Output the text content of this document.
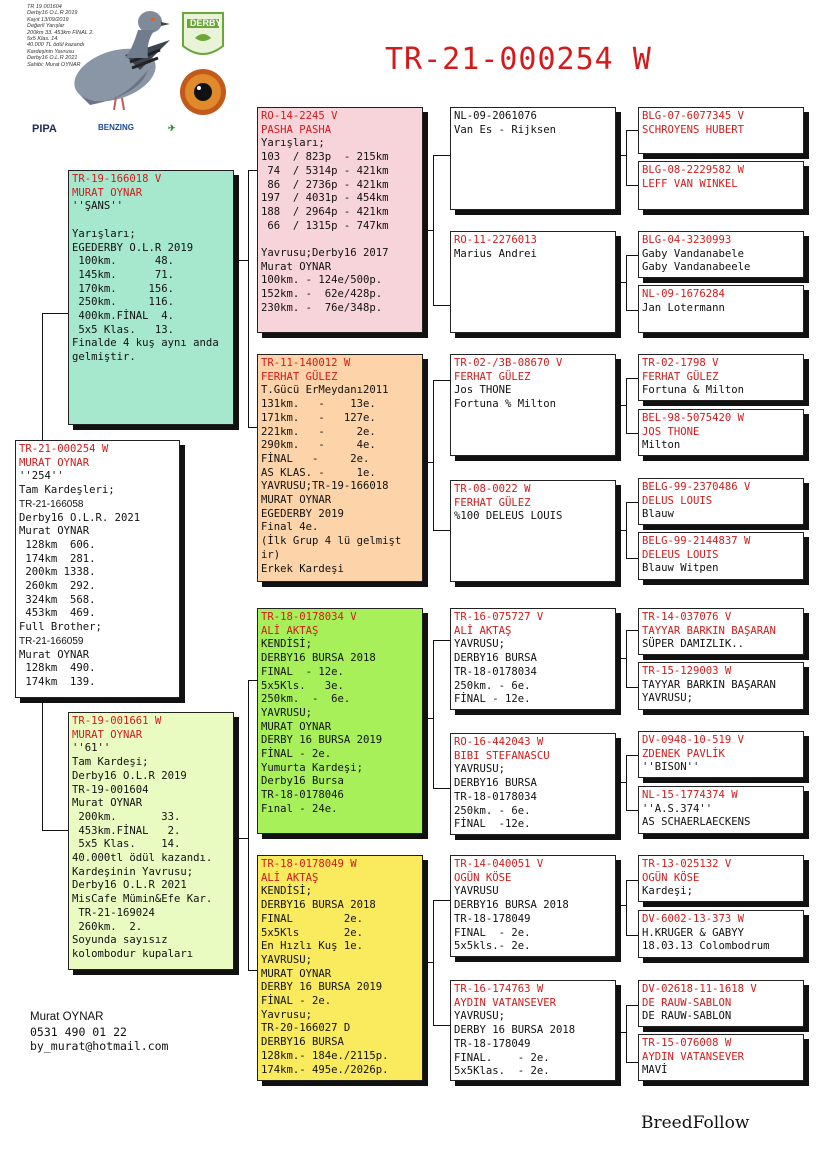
TR 19 001604
Derby16 O.L.R 2019
Kayıt 13/09/2019
Değerli Yarışlar
200km 33. 453km FİNAL 2.
5x5 Klas. 14.
40.000 TL ödül kazandı
Kardeşinin Yavrusu
Derby16 O.L.R 2021
Sahibi: Murat OYNAR
DERBY
PIPA	BENZING	✈
TR-21-000254 W
TR-21-000254 W
MURAT OYNAR
''254''
Tam Kardeşleri;
TR-21-166058
Derby16 O.L.R. 2021
Murat OYNAR
128km  606.
174km  281.
200km 1338.
260km  292.
324km  568.
453km  469.
Full Brother;
TR-21-166059
Murat OYNAR
128km  490.
174km  139.
TR-19-166018 V
MURAT OYNAR
''ŞANS''

Yarışları;
EGEDERBY O.L.R 2019
100km.      48.
145km.      71.
170km.     156.
250km.     116.
400km.FİNAL  4.
5x5 Klas.   13.
Finalde 4 kuş aynı anda
gelmiştir.
TR-19-001661 W
MURAT OYNAR
''61''
Tam Kardeşi;
Derby16 O.L.R 2019
TR-19-001604
Murat OYNAR
200km.       33.
453km.FİNAL   2.
5x5 Klas.    14.
40.000tl ödül kazandı.
Kardeşinin Yavrusu;
Derby16 O.L.R 2021
MisCafe Mümin&Efe Kar.
TR-21-169024
260km.  2.
Soyunda sayısız
kolombodur kupaları
RO-14-2245 V
PASHA PASHA
Yarışları;
103  / 823p  - 215km
74  / 5314p - 421km
86  / 2736p - 421km
197  / 4031p - 454km
188  / 2964p - 421km
66  / 1315p - 747km

Yavrusu;Derby16 2017
Murat OYNAR
100km. - 124e/500p.
152km. -  62e/428p.
230km. -  76e/348p.
TR-11-140012 W
FERHAT GÜLEZ
T.Gücü ErMeydanı2011
131km.   -    13e.
171km.   -   127e.
221km.   -     2e.
290km.   -     4e.
FİNAL   -     2e.
AS KLAS. -     1e.
YAVRUSU;TR-19-166018
MURAT OYNAR
EGEDERBY 2019
Final 4e.
(İlk Grup 4 lü gelmişt
ir)
Erkek Kardeşi
TR-18-0178034 V
ALİ AKTAŞ
KENDİSİ;
DERBY16 BURSA 2018
FINAL  - 12e.
5x5Kls.   3e.
250km.  -  6e.
YAVRUSU;
MURAT OYNAR
DERBY 16 BURSA 2019
FİNAL - 2e.
Yumurta Kardeşi;
Derby16 Bursa
TR-18-0178046
Fınal - 24e.
TR-18-0178049 W
ALİ AKTAŞ
KENDİSİ;
DERBY16 BURSA 2018
FINAL        2e.
5x5Kls       2e.
En Hızlı Kuş 1e.
YAVRUSU;
MURAT OYNAR
DERBY 16 BURSA 2019
FİNAL - 2e.
Yavrusu;
TR-20-166027 D
DERBY16 BURSA
128km.- 184e./2115p.
174km.- 495e./2026p.
NL-09-2061076
Van Es - Rijksen
RO-11-2276013
Marius Andrei
TR-02-/3B-08670 V
FERHAT GÜLEZ
Jos THONE
Fortuna % Milton
TR-08-0022 W
FERHAT GÜLEZ
%100 DELEUS LOUIS
TR-16-075727 V
ALİ AKTAŞ
YAVRUSU;
DERBY16 BURSA
TR-18-0178034
250km. - 6e.
FİNAL - 12e.
RO-16-442043 W
BIBI STEFANASCU
YAVRUSU;
DERBY16 BURSA
TR-18-0178034
250km. - 6e.
FİNAL  -12e.
TR-14-040051 V
OGÜN KÖSE
YAVRUSU
DERBY16 BURSA 2018
TR-18-178049
FINAL  - 2e.
5x5kls.- 2e.
TR-16-174763 W
AYDIN VATANSEVER
YAVRUSU;
DERBY 16 BURSA 2018
TR-18-178049
FINAL.    - 2e.
5x5Klas.  - 2e.
BLG-07-6077345 V
SCHROYENS HUBERT
BLG-08-2229582 W
LEFF VAN WINKEL
BLG-04-3230993
Gaby Vandanabele
Gaby Vandanabeele
NL-09-1676284
Jan Lotermann
TR-02-1798 V
FERHAT GÜLEZ
Fortuna & Milton
BEL-98-5075420 W
JOS THONE
Milton
BELG-99-2370486 V
DELUS LOUIS
Blauw
BELG-99-2144837 W
DELEUS LOUIS
Blauw Witpen
TR-14-037076 V
TAYYAR BARKIN BAŞARAN
SÜPER DAMIZLIK..
TR-15-129003 W
TAYYAR BARKIN BAŞARAN
YAVRUSU;
DV-0948-10-519 V
ZDENEK PAVLİK
''BISON''
NL-15-1774374 W
''A.S.374''
AS SCHAERLAECKENS
TR-13-025132 V
OGÜN KÖSE
Kardeşi;
DV-6002-13-373 W
H.KRUGER & GABYY
18.03.13 Colombodrum
DV-02618-11-1618 V
DE RAUW-SABLON
DE RAUW-SABLON
TR-15-076008 W
AYDIN VATANSEVER
MAVİ
Murat OYNAR
0531 490 01 22
by_murat@hotmail.com
BreedFollow
